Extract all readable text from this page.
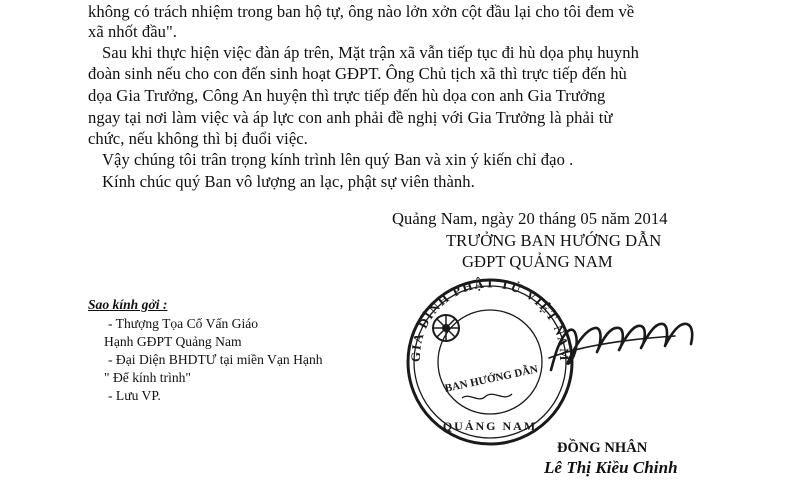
không có trách nhiệm trong ban hộ tự, ông nào lởn xởn cột đầu lại cho tôi đem về
xã nhốt đầu".
Sau khi thực hiện việc đàn áp trên, Mặt trận xã vẫn tiếp tục đi hù dọa phụ huynh
đoàn sinh nếu cho con đến sinh hoạt GĐPT. Ông Chủ tịch xã thì trực tiếp đến hù
dọa Gia Trưởng, Công An huyện thì trực tiếp đến hù dọa con anh Gia Trưởng
ngay tại nơi làm việc và áp lực con anh phải đề nghị với Gia Trưởng là phải từ
chức, nếu không thì bị đuổi việc.
Vậy chúng tôi trân trọng kính trình lên quý Ban và xin ý kiến chỉ đạo .
Kính chúc quý Ban vô lượng an lạc, phật sự viên thành.
Quảng Nam, ngày 20 tháng 05 năm 2014
TRƯỞNG BAN HƯỚNG DẪN
GĐPT QUẢNG NAM
Sao kính gởi :
- Thượng Tọa Cố Vấn Giáo
Hạnh GĐPT Quảng Nam
- Đại Diện BHDTƯ tại miền Vạn Hạnh
" Để kính trình"
- Lưu VP.
GIA ĐÌNH PHẬT TỬ VIỆT NAM
BAN HƯỚNG DẪN
QUẢNG NAM
ĐỒNG NHÂN
Lê Thị Kiều Chinh
